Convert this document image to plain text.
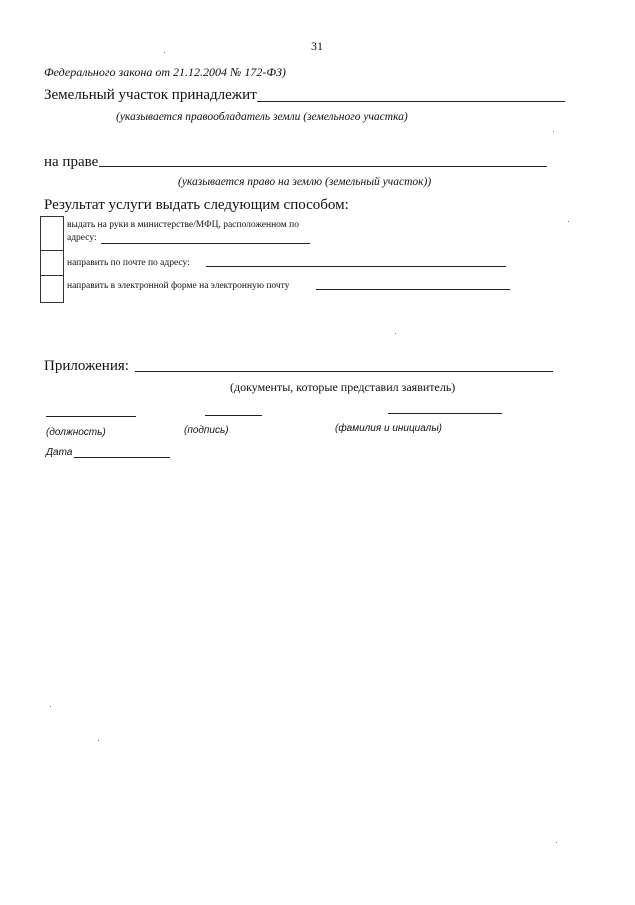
31
Федерального закона от 21.12.2004 № 172-ФЗ)
Земельный участок принадлежит
(указывается правообладатель земли (земельного участка)
на праве
(указывается право на землю (земельный участок))
Результат услуги выдать следующим способом:
выдать на руки в министерстве/МФЦ, расположенном по
адресу:
направить по почте по адресу:
направить в электронной форме на электронную почту
Приложения:
(документы, которые представил заявитель)
(должность)	(подпись)	(фамилия и инициалы)
Дата
